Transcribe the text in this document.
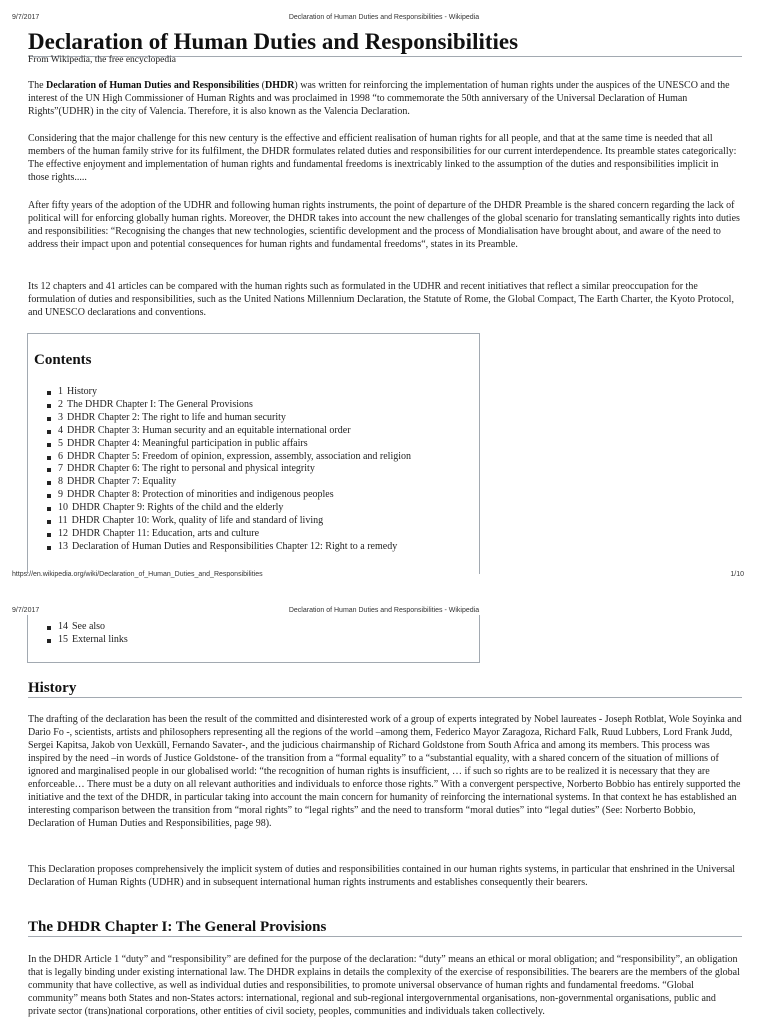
9/7/2017	Declaration of Human Duties and Responsibilities - Wikipedia
Declaration of Human Duties and Responsibilities
From Wikipedia, the free encyclopedia

The Declaration of Human Duties and Responsibilities (DHDR) was written for reinforcing the implementation of human rights under the auspices of the UNESCO and the interest of the UN High Commissioner of Human Rights and was proclaimed in 1998 “to commemorate the 50th anniversary of the Universal Declaration of Human Rights”(UDHR) in the city of Valencia. Therefore, it is also known as the Valencia Declaration.

Considering that the major challenge for this new century is the effective and efficient realisation of human rights for all people, and that at the same time is needed that all members of the human family strive for its fulfilment, the DHDR formulates related duties and responsibilities for our current interdependence. Its preamble states categorically: The effective enjoyment and implementation of human rights and fundamental freedoms is inextricably linked to the assumption of the duties and responsibilities implicit in those rights.....

After fifty years of the adoption of the UDHR and following human rights instruments, the point of departure of the DHDR Preamble is the shared concern regarding the lack of political will for enforcing globally human rights. Moreover, the DHDR takes into account the new challenges of the global scenario for translating semantically rights into duties and responsibilities: “Recognising the changes that new technologies, scientific development and the process of Mondialisation have brought about, and aware of the need to address their impact upon and potential consequences for human rights and fundamental freedoms“, states in its Preamble.

Its 12 chapters and 41 articles can be compared with the human rights such as formulated in the UDHR and recent initiatives that reflect a similar preoccupation for the formulation of duties and responsibilities, such as the United Nations Millennium Declaration, the Statute of Rome, the Global Compact, The Earth Charter, the Kyoto Protocol, and UNESCO declarations and conventions.

Contents
1 History
2 The DHDR Chapter I: The General Provisions
3 DHDR Chapter 2: The right to life and human security
4 DHDR Chapter 3: Human security and an equitable international order
5 DHDR Chapter 4: Meaningful participation in public affairs
6 DHDR Chapter 5: Freedom of opinion, expression, assembly, association and religion
7 DHDR Chapter 6: The right to personal and physical integrity
8 DHDR Chapter 7: Equality
9 DHDR Chapter 8: Protection of minorities and indigenous peoples
10 DHDR Chapter 9: Rights of the child and the elderly
11 DHDR Chapter 10: Work, quality of life and standard of living
12 DHDR Chapter 11: Education, arts and culture
13 Declaration of Human Duties and Responsibilities Chapter 12: Right to a remedy
https://en.wikipedia.org/wiki/Declaration_of_Human_Duties_and_Responsibilities	1/10
9/7/2017	Declaration of Human Duties and Responsibilities - Wikipedia
14 See also
15 External links
History

The drafting of the declaration has been the result of the committed and disinterested work of a group of experts integrated by Nobel laureates - Joseph Rotblat, Wole Soyinka and Dario Fo -, scientists, artists and philosophers representing all the regions of the world –among them, Federico Mayor Zaragoza, Richard Falk, Ruud Lubbers, Lord Frank Judd, Sergei Kapitsa, Jakob von Uexküll, Fernando Savater-, and the judicious chairmanship of Richard Goldstone from South Africa and among its members. This process was inspired by the need –in words of Justice Goldstone- of the transition from a “formal equality” to a “substantial equality, with a shared concern of the situation of millions of ignored and marginalised people in our globalised world: “the recognition of human rights is insufficient, … if such so rights are to be realized it is necessary that they are enforceable… There must be a duty on all relevant authorities and individuals to enforce those rights.” With a convergent perspective, Norberto Bobbio has entirely supported the initiative and the text of the DHDR, in particular taking into account the main concern for humanity of reinforcing the international systems. In that context he has established an interesting comparison between the transition from “moral rights” to “legal rights” and the need to transform “moral duties” into “legal duties” (See: Norberto Bobbio, Declaration of Human Duties and Responsibilities, page 98).

This Declaration proposes comprehensively the implicit system of duties and responsibilities contained in our human rights systems, in particular that enshrined in the Universal Declaration of Human Rights (UDHR) and in subsequent international human rights instruments and establishes consequently their bearers.

The DHDR Chapter I: The General Provisions

In the DHDR Article 1 “duty” and “responsibility” are defined for the purpose of the declaration: “duty” means an ethical or moral obligation; and “responsibility”, an obligation that is legally binding under existing international law. The DHDR explains in details the complexity of the exercise of responsibilities. The bearers are the members of the global community that have collective, as well as individual duties and responsibilities, to promote universal observance of human rights and fundamental freedoms. “Global community” means both States and non-States actors: international, regional and sub-regional intergovernmental organisations, non-governmental organisations, public and private sector (trans)national corporations, other entities of civil society, peoples, communities and individuals taken collectively.
